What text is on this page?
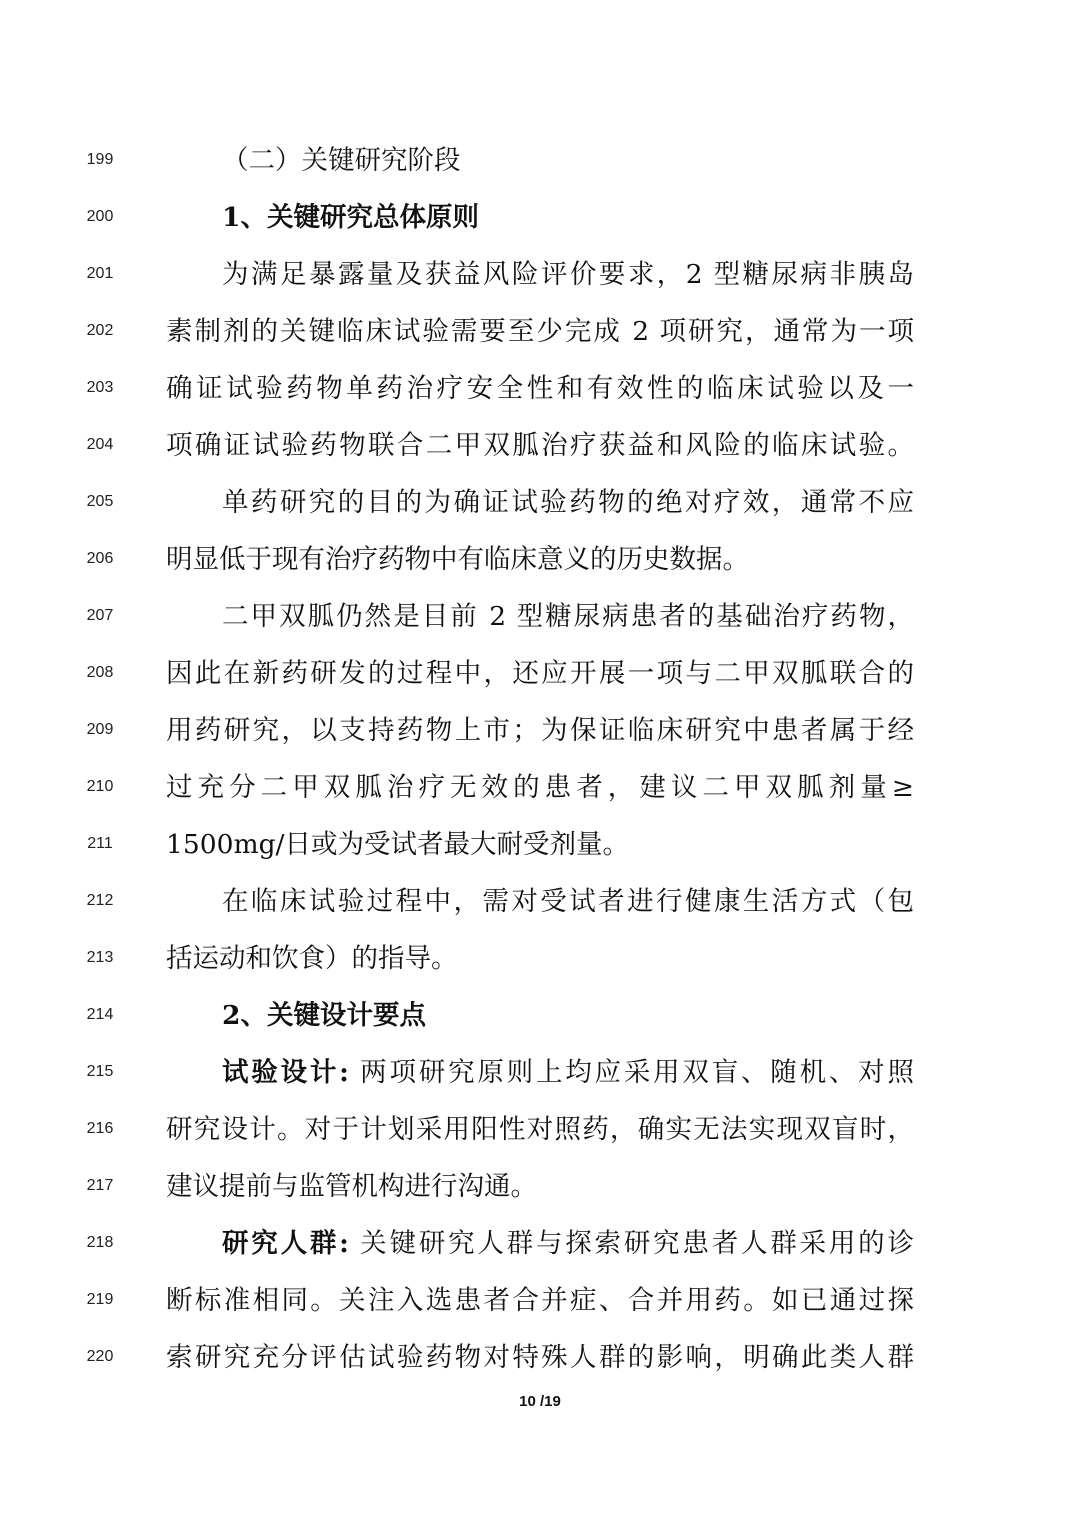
199	（二）关键研究阶段
200	1、关键研究总体原则
201	为满足暴露量及获益风险评价要求，2 型糖尿病非胰岛
202	素制剂的关键临床试验需要至少完成 2 项研究，通常为一项
203	确证试验药物单药治疗安全性和有效性的临床试验以及一
204	项确证试验药物联合二甲双胍治疗获益和风险的临床试验。
205	单药研究的目的为确证试验药物的绝对疗效，通常不应
206	明显低于现有治疗药物中有临床意义的历史数据。
207	二甲双胍仍然是目前 2 型糖尿病患者的基础治疗药物，
208	因此在新药研发的过程中，还应开展一项与二甲双胍联合的
209	用药研究，以支持药物上市；为保证临床研究中患者属于经
210	过充分二甲双胍治疗无效的患者，建议二甲双胍剂量≥
211	1500mg/日或为受试者最大耐受剂量。
212	在临床试验过程中，需对受试者进行健康生活方式（包
213	括运动和饮食）的指导。
214	2、关键设计要点
215	试验设计: 两项研究原则上均应采用双盲、随机、对照
216	研究设计。对于计划采用阳性对照药，确实无法实现双盲时，
217	建议提前与监管机构进行沟通。
218	研究人群: 关键研究人群与探索研究患者人群采用的诊
219	断标准相同。关注入选患者合并症、合并用药。如已通过探
220	索研究充分评估试验药物对特殊人群的影响，明确此类人群
10 /19
